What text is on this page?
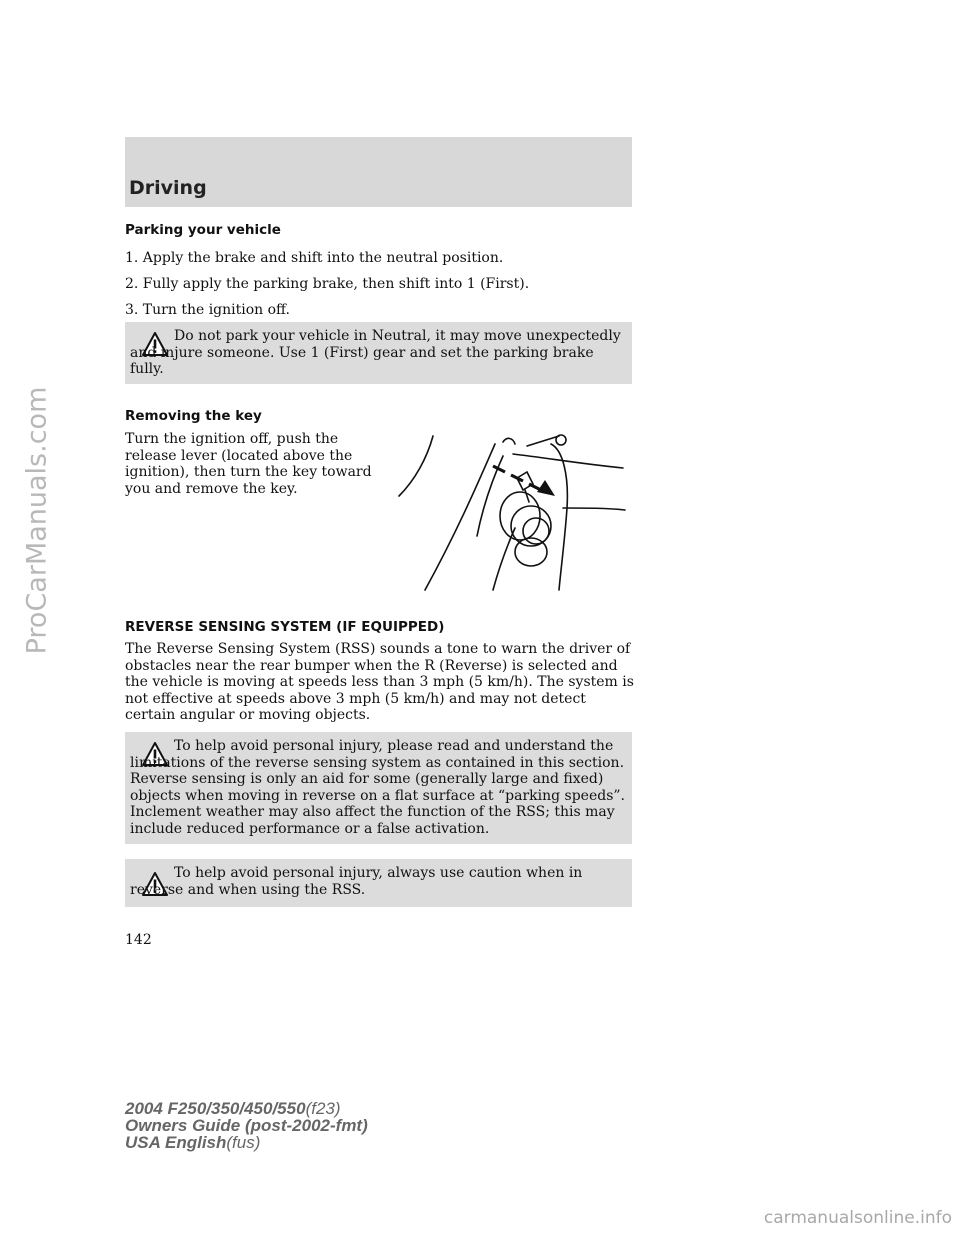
ProCarManuals.com
Driving
Parking your vehicle

1. Apply the brake and shift into the neutral position.

2. Fully apply the parking brake, then shift into 1 (First).

3. Turn the ignition off.

Do not park your vehicle in Neutral, it may move unexpectedly and injure someone. Use 1 (First) gear and set the parking brake fully.
Removing the key

Turn the ignition off, push the release lever (located above the ignition), then turn the key toward you and remove the key.

REVERSE SENSING SYSTEM (IF EQUIPPED)

The Reverse Sensing System (RSS) sounds a tone to warn the driver of obstacles near the rear bumper when the R (Reverse) is selected and the vehicle is moving at speeds less than 3 mph (5 km/h). The system is not effective at speeds above 3 mph (5 km/h) and may not detect certain angular or moving objects.

To help avoid personal injury, please read and understand the limitations of the reverse sensing system as contained in this section. Reverse sensing is only an aid for some (generally large and fixed) objects when moving in reverse on a flat surface at “parking speeds”. Inclement weather may also affect the function of the RSS; this may include reduced performance or a false activation.
To help avoid personal injury, always use caution when in reverse and when using the RSS.
142
2004 F250/350/450/550(f23)
Owners Guide (post-2002-fmt)
USA English(fus)
carmanualsonline.info
